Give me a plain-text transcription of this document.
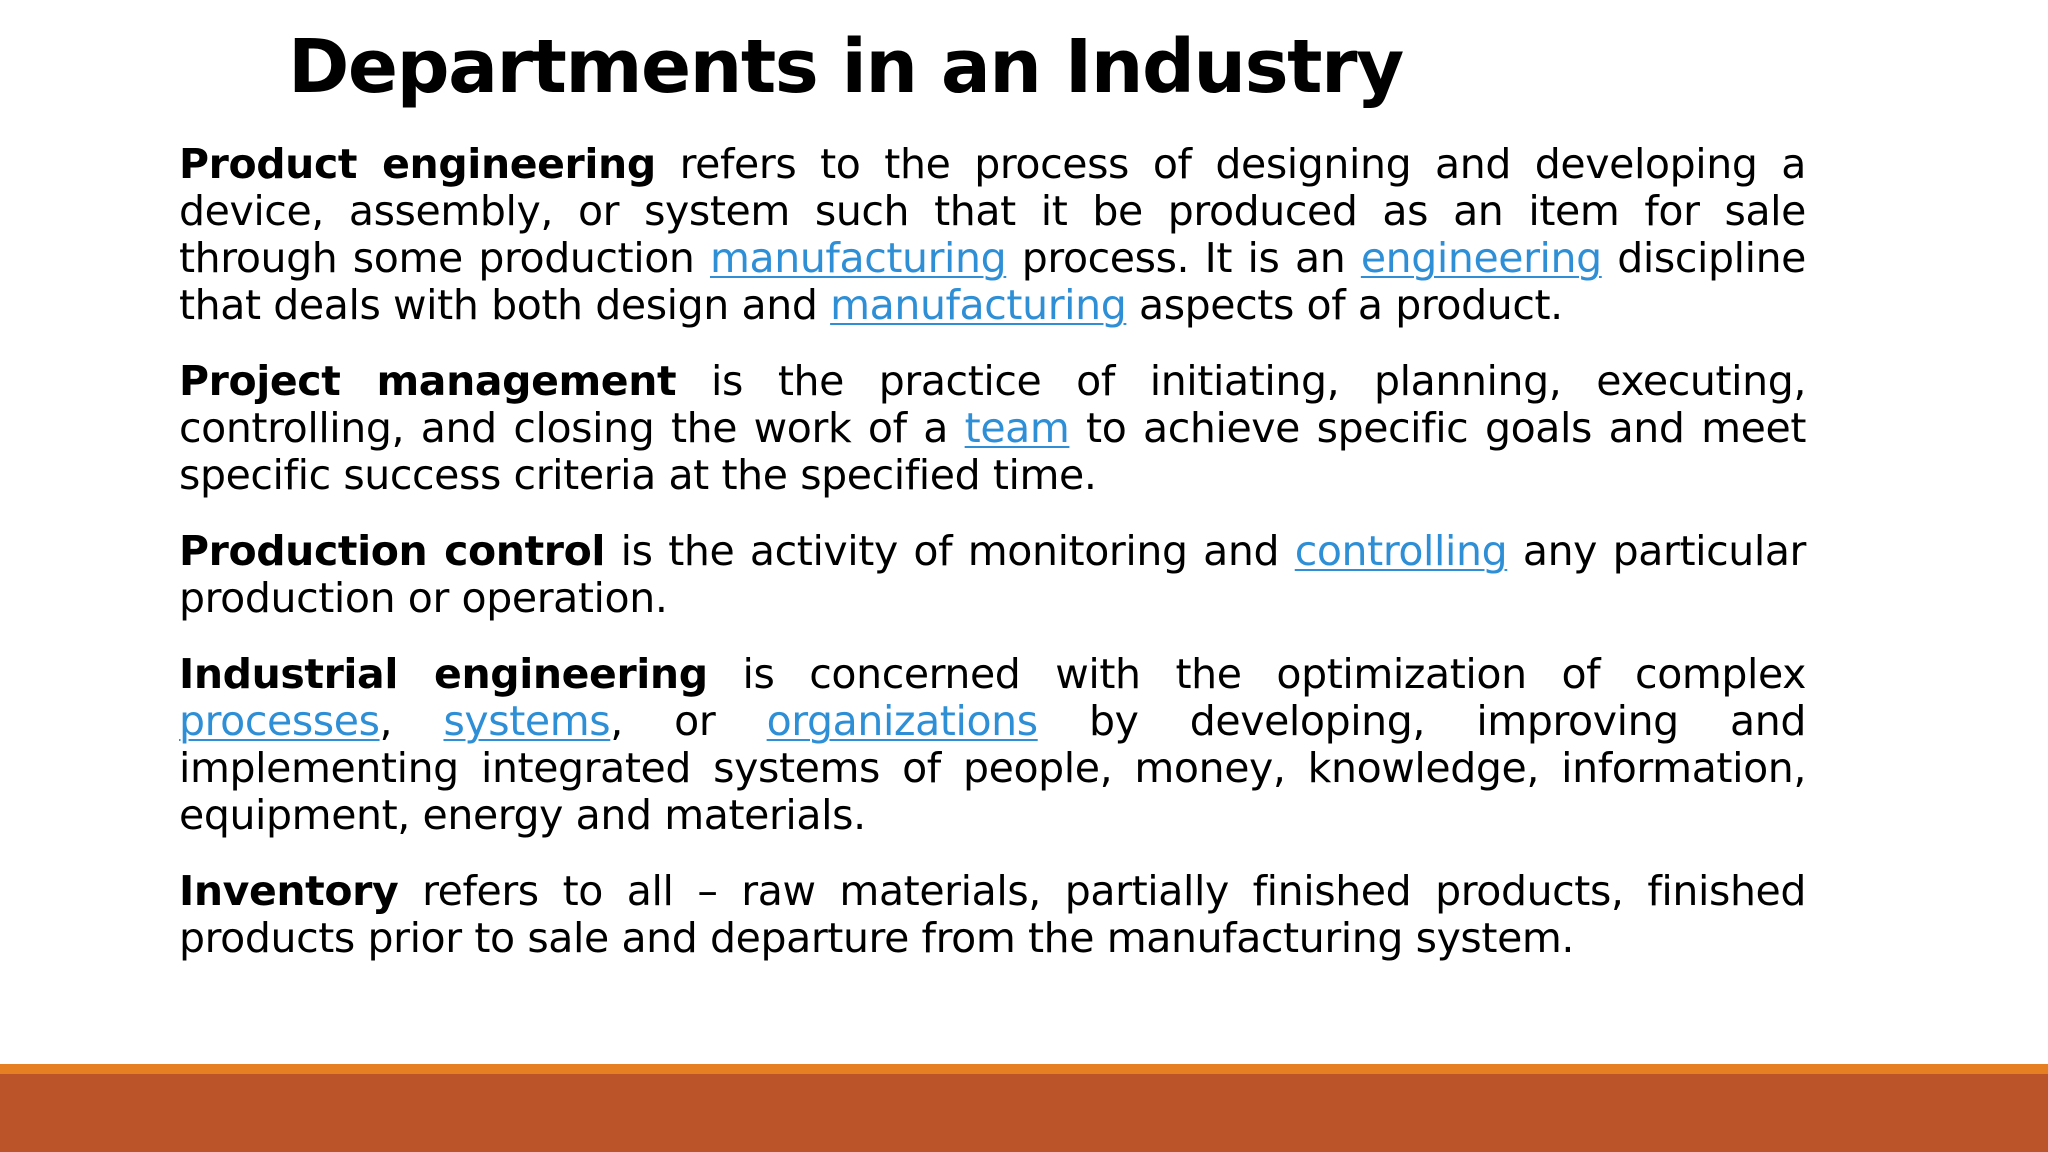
Departments in an Industry

Product engineering refers to the process of designing and developing a device, assembly, or system such that it be produced as an item for sale through some production manufacturing process. It is an engineering discipline that deals with both design and manufacturing aspects of a product.

Project management is the practice of initiating, planning, executing, controlling, and closing the work of a team to achieve specific goals and meet specific success criteria at the specified time.

Production control is the activity of monitoring and controlling any particular production or operation.

Industrial engineering is concerned with the optimization of complex processes, systems, or organizations by developing, improving and implementing integrated systems of people, money, knowledge, information, equipment, energy and materials.

Inventory refers to all – raw materials, partially finished products, finished products prior to sale and departure from the manufacturing system.
